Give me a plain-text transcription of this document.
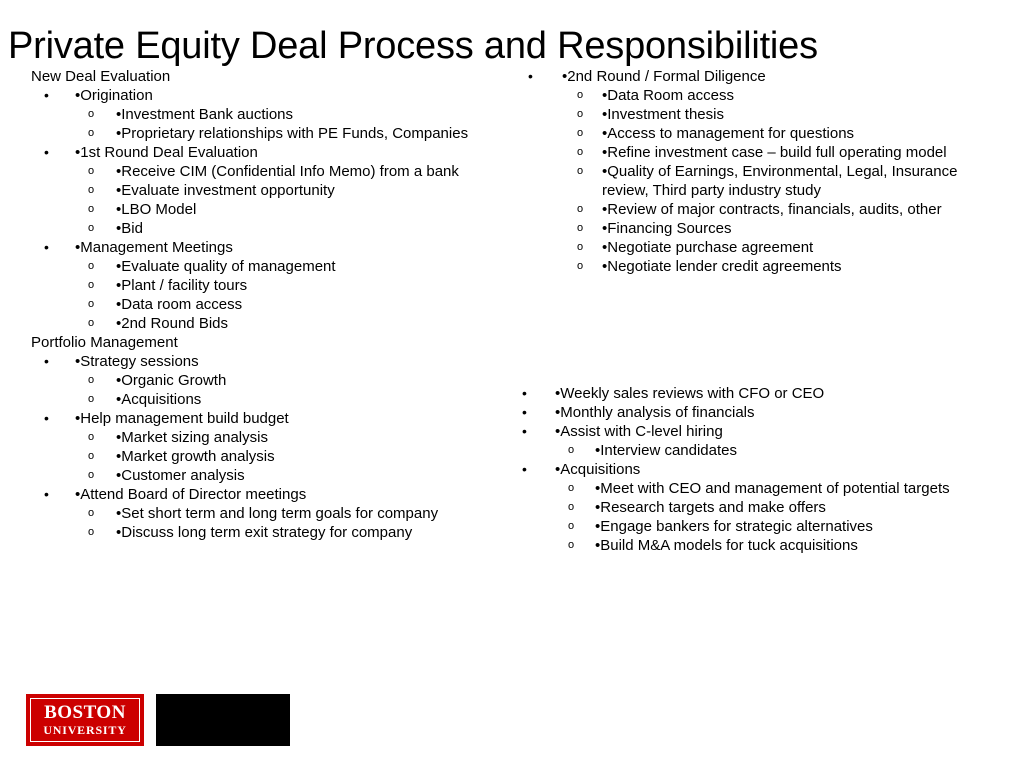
Private Equity Deal Process and Responsibilities
New Deal Evaluation
• •Origination
o •Investment Bank auctions
o •Proprietary relationships with PE Funds, Companies
• •1st Round Deal Evaluation
o •Receive CIM (Confidential Info Memo) from a bank
o •Evaluate investment opportunity
o •LBO Model
o •Bid
• •Management Meetings
o •Evaluate quality of management
o •Plant / facility tours
o •Data room access
o •2nd Round Bids
Portfolio Management
• •Strategy sessions
o •Organic Growth
o •Acquisitions
• •Help management build budget
o •Market sizing analysis
o •Market growth analysis
o •Customer analysis
• •Attend Board of Director meetings
o •Set short term and long term goals for company
o •Discuss long term exit strategy for company
• •2nd Round / Formal Diligence
o •Data Room access
o •Investment thesis
o •Access to management for questions
o •Refine investment case – build full operating model
o •Quality of Earnings, Environmental, Legal, Insurance review, Third party industry study
o •Review of major contracts, financials, audits, other
o •Financing Sources
o •Negotiate purchase agreement
o •Negotiate lender credit agreements
• •Weekly sales reviews with CFO or CEO
• •Monthly analysis of financials
• •Assist with C-level hiring
o •Interview candidates
• •Acquisitions
o •Meet with CEO and management of potential targets
o •Research targets and make offers
o •Engage bankers for strategic alternatives
o •Build M&A models for tuck acquisitions
BOSTON
UNIVERSITY
